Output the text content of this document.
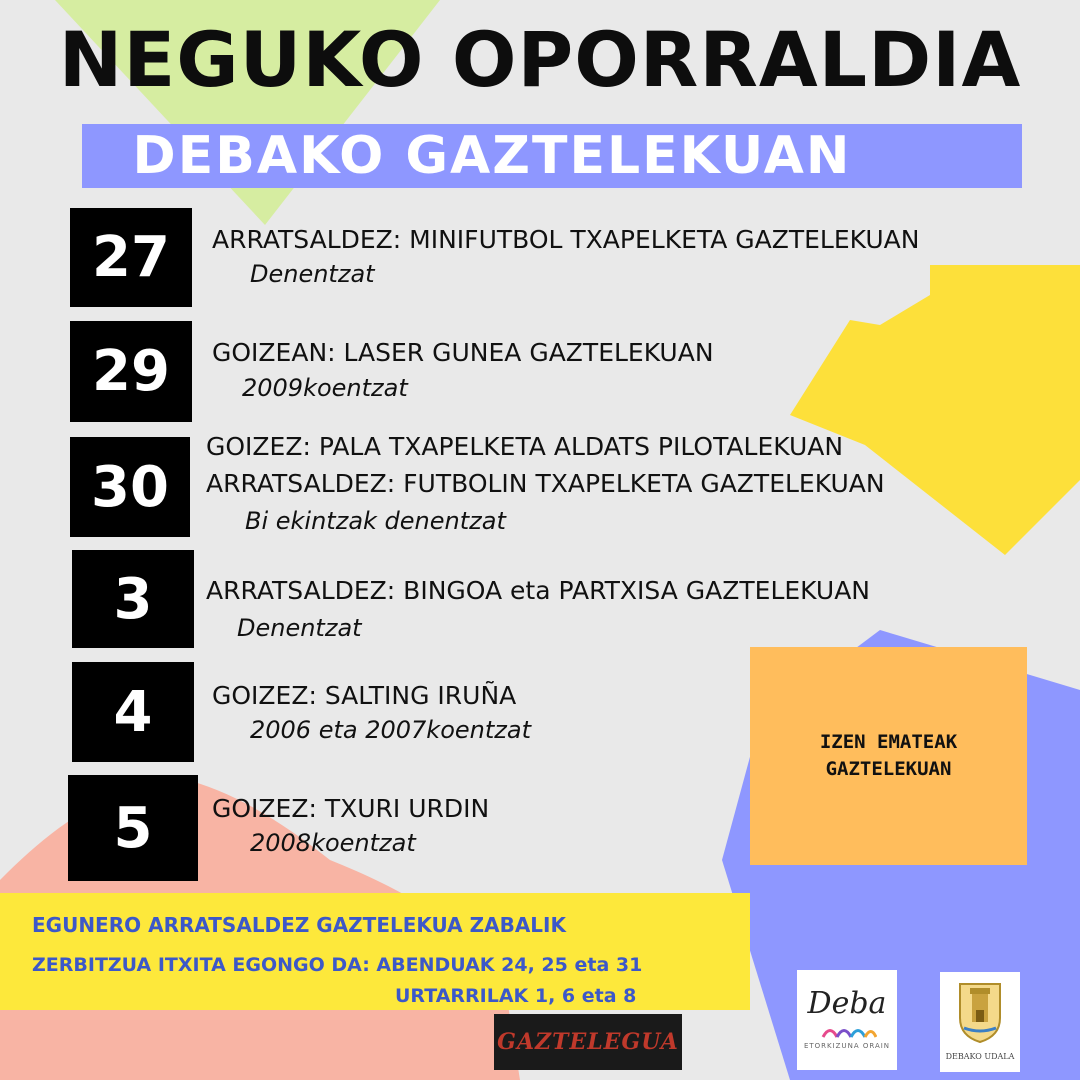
NEGUKO OPORRALDIA
DEBAKO GAZTELEKUAN
27	ARRATSALDEZ: MINIFUTBOL TXAPELKETA GAZTELEKUAN
Denentzat
29	GOIZEAN: LASER GUNEA GAZTELEKUAN
2009koentzat
30
GOIZEZ: PALA TXAPELKETA ALDATS PILOTALEKUAN
ARRATSALDEZ: FUTBOLIN TXAPELKETA GAZTELEKUAN
Bi ekintzak denentzat
3	ARRATSALDEZ: BINGOA eta PARTXISA GAZTELEKUAN
Denentzat
4	GOIZEZ: SALTING IRUÑA
2006 eta 2007koentzat
5	GOIZEZ: TXURI URDIN
2008koentzat
IZEN EMATEAK
GAZTELEKUAN
EGUNERO ARRATSALDEZ GAZTELEKUA ZABALIK
ZERBITZUA ITXITA EGONGO DA: ABENDUAK 24, 25 eta 31
URTARRILAK 1, 6 eta 8
GAZTELEGUA
Deba
ETORKIZUNA ORAIN
DEBAKO UDALA
